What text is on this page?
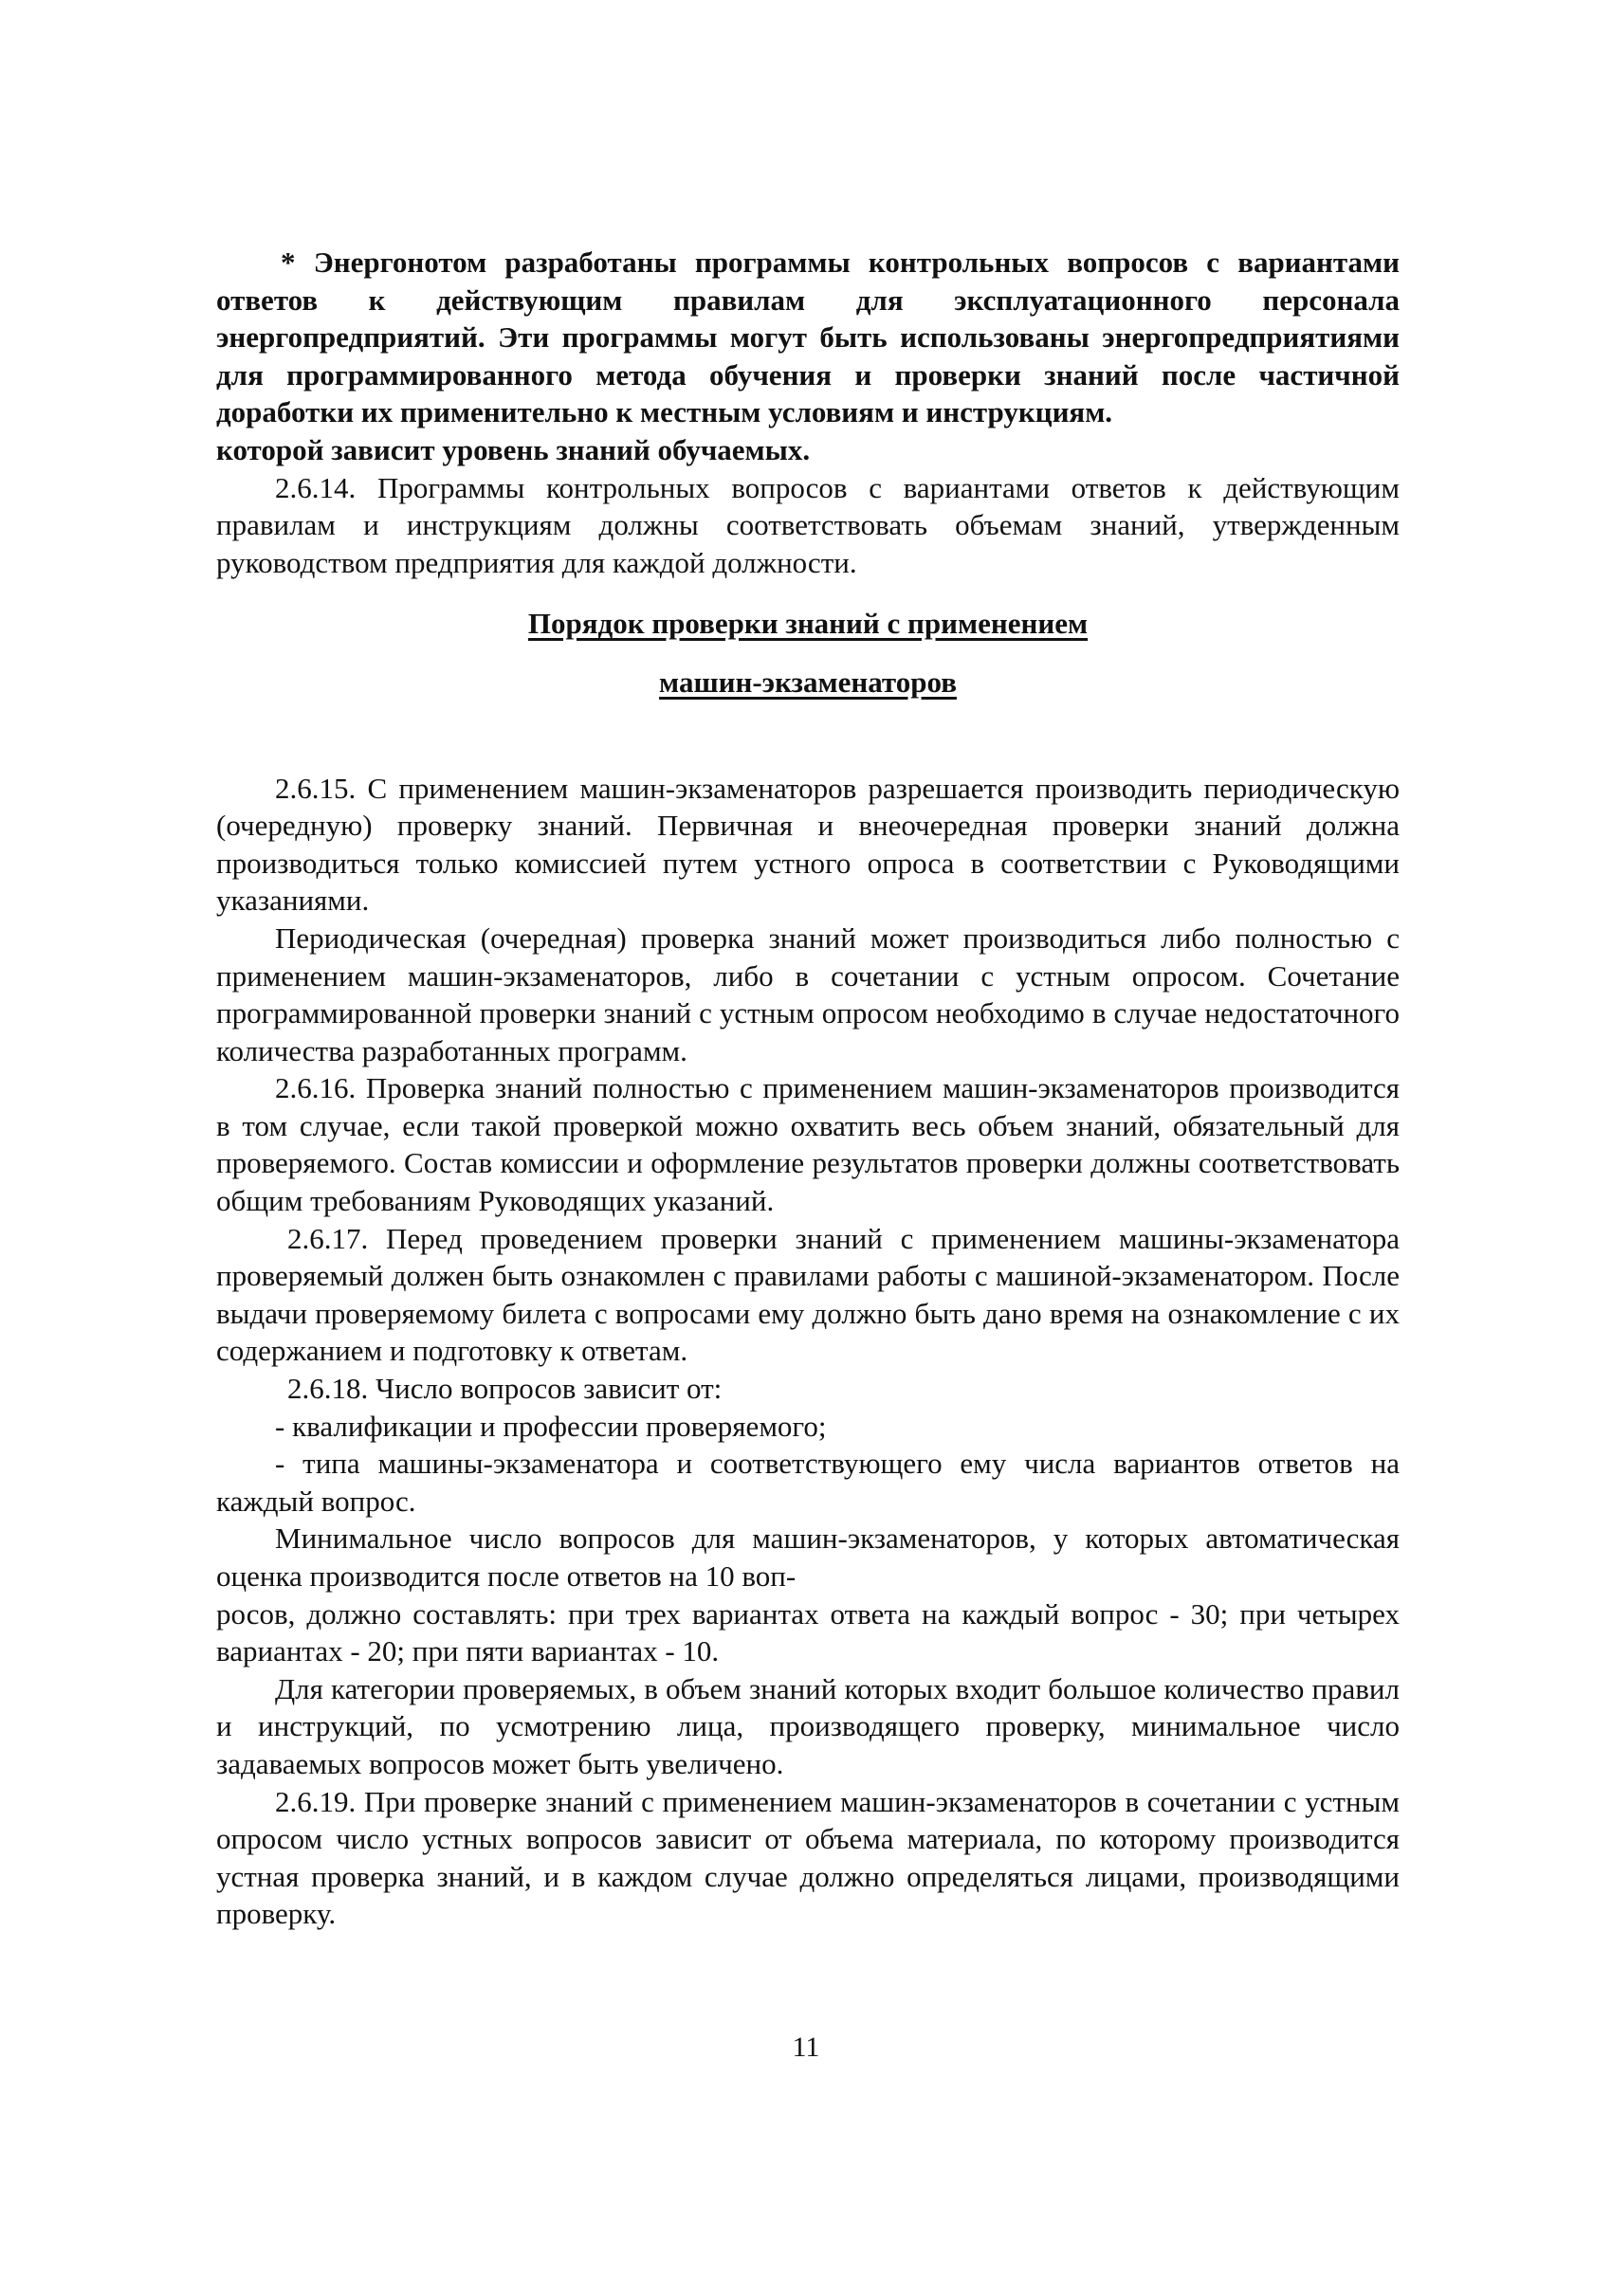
* Энергонотом разработаны программы контрольных вопросов с вариантами ответов к действующим правилам для эксплуатационного персонала энергопредприятий. Эти программы могут быть использованы энергопредприятиями для программированного метода обучения и проверки знаний после частичной доработки их применительно к местным условиям и инструкциям.

которой зависит уровень знаний обучаемых.

2.6.14. Программы контрольных вопросов с вариантами ответов к действующим правилам и инструкциям должны соответствовать объемам знаний, утвержденным руководством предприятия для каждой должности.

Порядок проверки знаний с применением

машин-экзаменаторов

2.6.15. С применением машин-экзаменаторов разрешается производить периодическую (очередную) проверку знаний. Первичная и внеочередная проверки знаний должна производиться только комиссией путем устного опроса в соответствии с Руководящими указаниями.

Периодическая (очередная) проверка знаний может производиться либо полностью с применением машин-экзаменаторов, либо в сочетании с устным опросом. Сочетание программированной проверки знаний с устным опросом необходимо в случае недостаточного количества разработанных программ.

2.6.16. Проверка знаний полностью с применением машин-экзаменаторов производится в том случае, если такой проверкой можно охватить весь объем знаний, обязательный для проверяемого. Состав комиссии и оформление результатов проверки должны соответствовать общим требованиям Руководящих указаний.

2.6.17. Перед проведением проверки знаний с применением машины-экзаменатора проверяемый должен быть ознакомлен с правилами работы с машиной-экзаменатором. После выдачи проверяемому билета с вопросами ему должно быть дано время на ознакомление с их содержанием и подготовку к ответам.

2.6.18. Число вопросов зависит от:

- квалификации и профессии проверяемого;

- типа машины-экзаменатора и соответствующего ему числа вариантов ответов на каждый вопрос.

Минимальное число вопросов для машин-экзаменаторов, у которых автоматическая оценка производится после ответов на 10 воп-

росов, должно составлять: при трех вариантах ответа на каждый вопрос - 30; при четырех вариантах - 20; при пяти вариантах - 10.

Для категории проверяемых, в объем знаний которых входит большое количество правил и инструкций, по усмотрению лица, производящего проверку, минимальное число задаваемых вопросов может быть увеличено.

2.6.19. При проверке знаний с применением машин-экзаменаторов в сочетании с устным опросом число устных вопросов зависит от объема материала, по которому производится устная проверка знаний, и в каждом случае должно определяться лицами, производящими проверку.

11
